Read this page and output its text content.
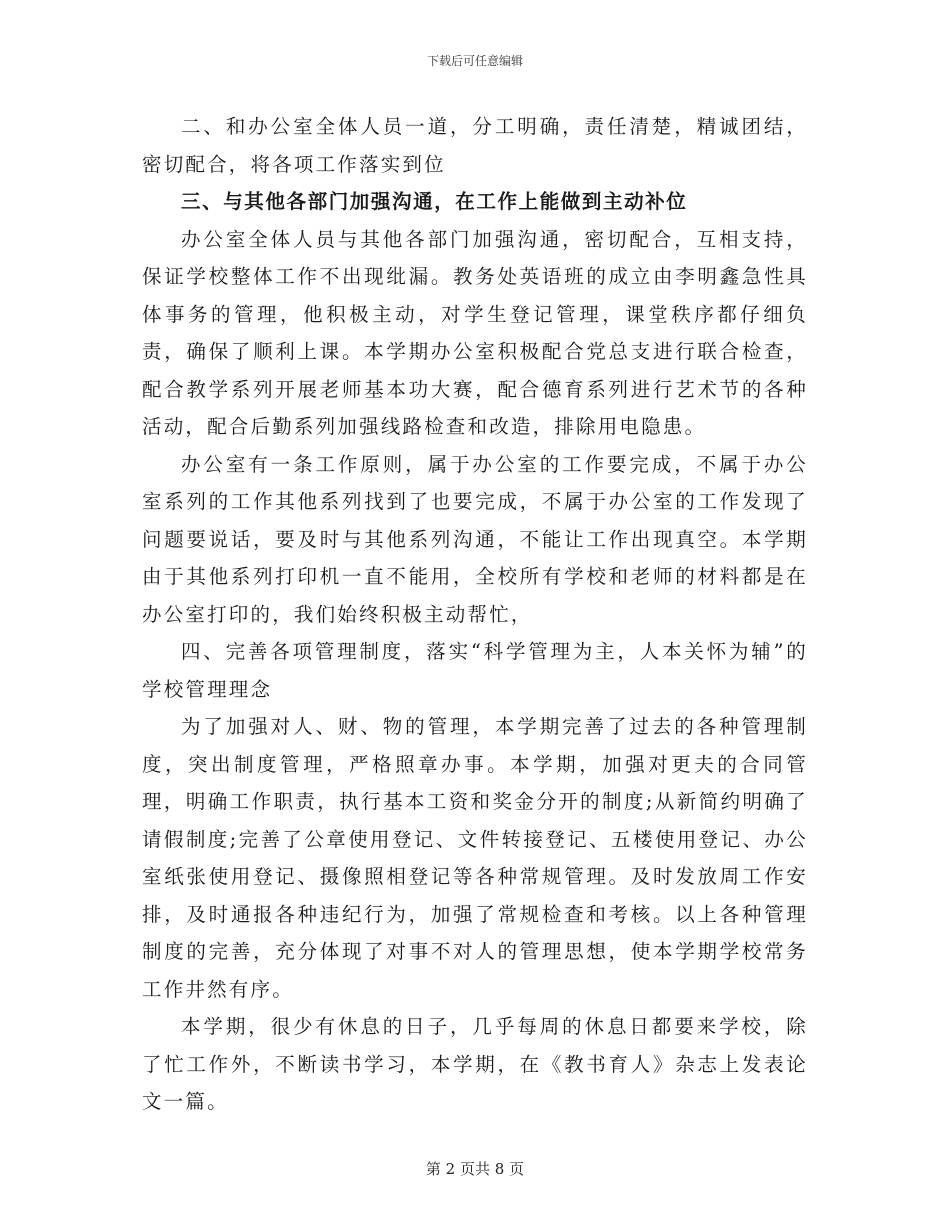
下载后可任意编辑

二、和办公室全体人员一道，分工明确，责任清楚，精诚团结，密切配合，将各项工作落实到位

三、与其他各部门加强沟通，在工作上能做到主动补位

办公室全体人员与其他各部门加强沟通，密切配合，互相支持，保证学校整体工作不出现纰漏。教务处英语班的成立由李明鑫急性具体事务的管理，他积极主动，对学生登记管理，课堂秩序都仔细负责，确保了顺利上课。本学期办公室积极配合党总支进行联合检查，配合教学系列开展老师基本功大赛，配合德育系列进行艺术节的各种活动，配合后勤系列加强线路检查和改造，排除用电隐患。

办公室有一条工作原则，属于办公室的工作要完成，不属于办公室系列的工作其他系列找到了也要完成，不属于办公室的工作发现了问题要说话，要及时与其他系列沟通，不能让工作出现真空。本学期由于其他系列打印机一直不能用，全校所有学校和老师的材料都是在办公室打印的，我们始终积极主动帮忙，

四、完善各项管理制度，落实“科学管理为主，人本关怀为辅”的学校管理理念

为了加强对人、财、物的管理，本学期完善了过去的各种管理制度，突出制度管理，严格照章办事。本学期，加强对更夫的合同管理，明确工作职责，执行基本工资和奖金分开的制度;从新简约明确了请假制度;完善了公章使用登记、文件转接登记、五楼使用登记、办公室纸张使用登记、摄像照相登记等各种常规管理。及时发放周工作安排，及时通报各种违纪行为，加强了常规检查和考核。以上各种管理制度的完善，充分体现了对事不对人的管理思想，使本学期学校常务工作井然有序。

本学期，很少有休息的日子，几乎每周的休息日都要来学校，除了忙工作外，不断读书学习，本学期，在《教书育人》杂志上发表论文一篇。

第 2 页共 8 页
